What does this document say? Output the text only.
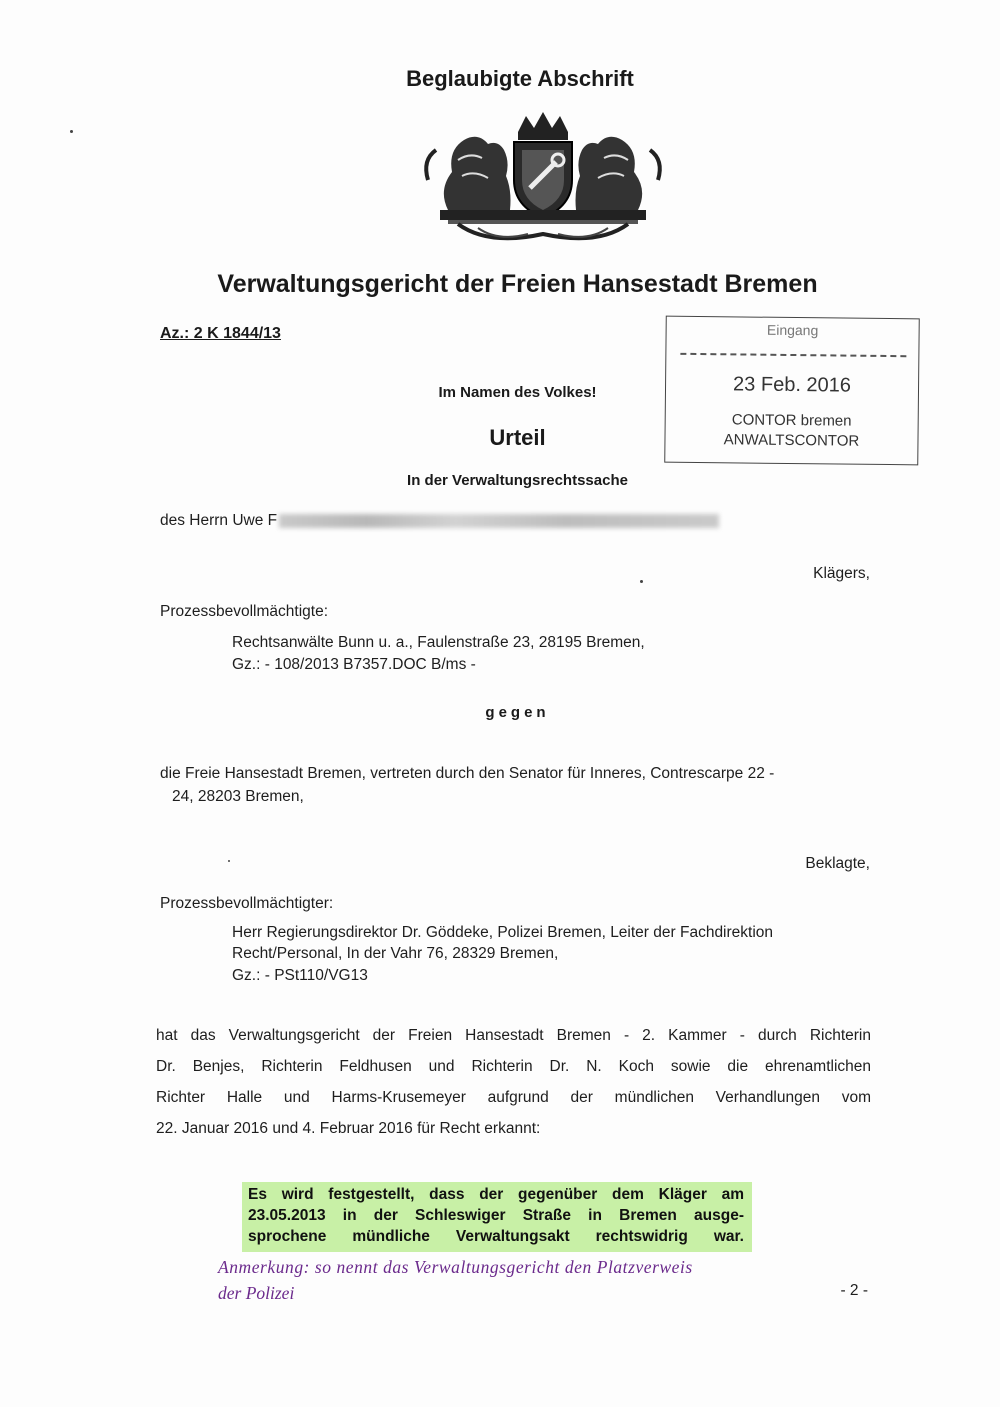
Beglaubigte Abschrift
Verwaltungsgericht der Freien Hansestadt Bremen
Az.: 2 K 1844/13	Eingang
23 Feb. 2016
CONTOR bremen
ANWALTSCONTOR
Im Namen des Volkes!
Urteil
In der Verwaltungsrechtssache
des Herrn Uwe F
Klägers,
Prozessbevollmächtigte:
Rechtsanwälte Bunn u. a., Faulenstraße 23, 28195 Bremen,
Gz.: - 108/2013 B7357.DOC B/ms -
gegen
die Freie Hansestadt Bremen, vertreten durch den Senator für Inneres, Contrescarpe 22 -
24, 28203 Bremen,
Beklagte,
Prozessbevollmächtigter:
Herr Regierungsdirektor Dr. Göddeke, Polizei Bremen, Leiter der Fachdirektion
Recht/Personal, In der Vahr 76, 28329 Bremen,
Gz.: - PSt110/VG13
hat das Verwaltungsgericht der Freien Hansestadt Bremen - 2. Kammer - durch Richterin
Dr. Benjes, Richterin Feldhusen und Richterin Dr. N. Koch sowie die ehrenamtlichen
Richter Halle und Harms-Krusemeyer aufgrund der mündlichen Verhandlungen vom
22. Januar 2016 und 4. Februar 2016 für Recht erkannt:
Es wird festgestellt, dass der gegenüber dem Kläger am
23.05.2013 in der Schleswiger Straße in Bremen ausge-
sprochene mündliche Verwaltungsakt rechtswidrig war.
Anmerkung: so nennt das Verwaltungsgericht den Platzverweis
der Polizei	- 2 -
